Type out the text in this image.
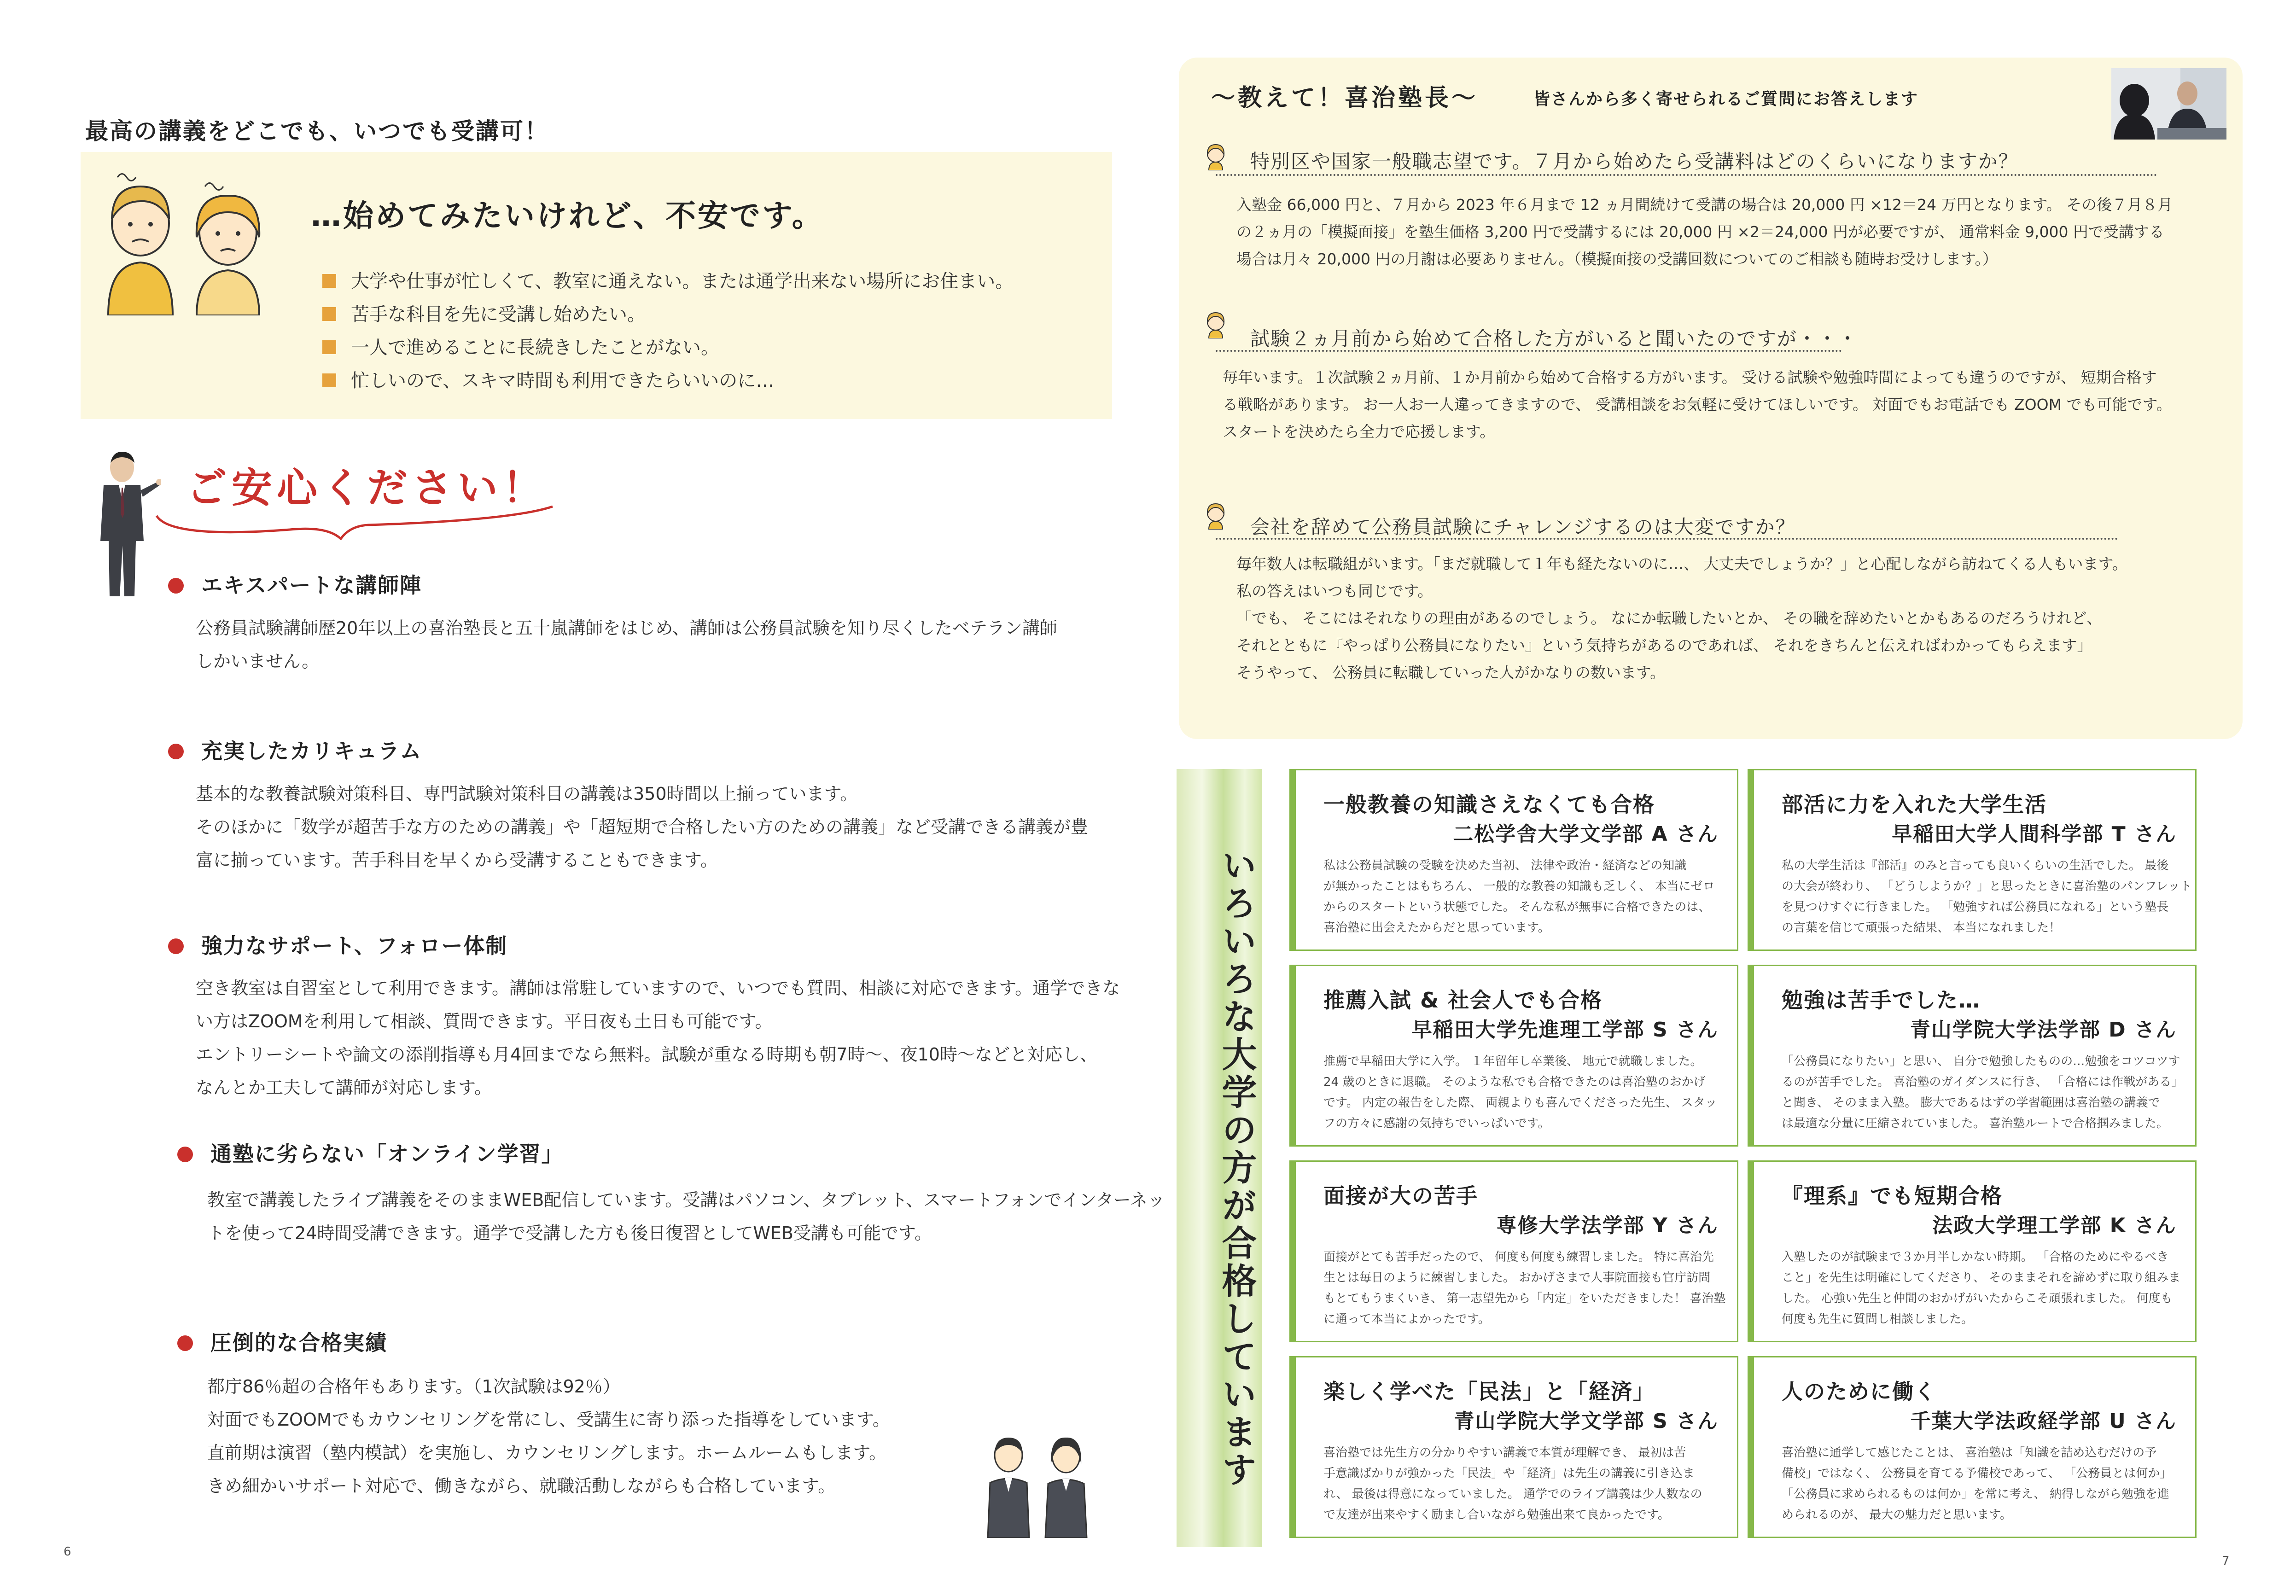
最高の講義をどこでも、いつでも受講可！
…始めてみたいけれど、不安です。
大学や仕事が忙しくて、教室に通えない。または通学出来ない場所にお住まい。
苦手な科目を先に受講し始めたい。
一人で進めることに長続きしたことがない。
忙しいので、スキマ時間も利用できたらいいのに…
ご安心ください！
エキスパートな講師陣
公務員試験講師歴20年以上の喜治塾長と五十嵐講師をはじめ、講師は公務員試験を知り尽くしたベテラン講師
しかいません。
充実したカリキュラム
基本的な教養試験対策科目、専門試験対策科目の講義は350時間以上揃っています。
そのほかに「数学が超苦手な方のための講義」や「超短期で合格したい方のための講義」など受講できる講義が豊
富に揃っています。苦手科目を早くから受講することもできます。
強力なサポート、フォロー体制
空き教室は自習室として利用できます。講師は常駐していますので、いつでも質問、相談に対応できます。通学できな
い方はZOOMを利用して相談、質問できます。平日夜も土日も可能です。
エントリーシートや論文の添削指導も月4回までなら無料。試験が重なる時期も朝7時～、夜10時～などと対応し、
なんとか工夫して講師が対応します。
通塾に劣らない「オンライン学習」
教室で講義したライブ講義をそのままWEB配信しています。受講はパソコン、タブレット、スマートフォンでインターネッ
トを使って24時間受講できます。通学で受講した方も後日復習としてWEB受講も可能です。
圧倒的な合格実績
都庁86％超の合格年もあります。（1次試験は92％）
対面でもZOOMでもカウンセリングを常にし、受講生に寄り添った指導をしています。
直前期は演習（塾内模試）を実施し、カウンセリングします。ホームルームもします。
きめ細かいサポート対応で、働きながら、就職活動しながらも合格しています。
6
～教えて！喜治塾長～	皆さんから多く寄せられるご質問にお答えします
特別区や国家一般職志望です。７月から始めたら受講料はどのくらいになりますか？
入塾金 66,000 円と、７月から 2023 年６月まで 12 ヵ月間続けて受講の場合は 20,000 円 ×12＝24 万円となります。 その後７月８月
の２ヵ月の「模擬面接」を塾生価格 3,200 円で受講するには 20,000 円 ×2＝24,000 円が必要ですが、 通常料金 9,000 円で受講する
場合は月々 20,000 円の月謝は必要ありません。（模擬面接の受講回数についてのご相談も随時お受けします。）
試験２ヵ月前から始めて合格した方がいると聞いたのですが・・・
毎年います。１次試験２ヵ月前、１か月前から始めて合格する方がいます。 受ける試験や勉強時間によっても違うのですが、 短期合格す
る戦略があります。 お一人お一人違ってきますので、 受講相談をお気軽に受けてほしいです。 対面でもお電話でも ZOOM でも可能です。
スタートを決めたら全力で応援します。
会社を辞めて公務員試験にチャレンジするのは大変ですか？
毎年数人は転職組がいます。「まだ就職して１年も経たないのに…、 大丈夫でしょうか？」と心配しながら訪ねてくる人もいます。
私の答えはいつも同じです。
「でも、 そこにはそれなりの理由があるのでしょう。 なにか転職したいとか、 その職を辞めたいとかもあるのだろうけれど、
それとともに『やっぱり公務員になりたい』という気持ちがあるのであれば、 それをきちんと伝えればわかってもらえます」
そうやって、 公務員に転職していった人がかなりの数います。
いろいろな大学の方が合格しています
一般教養の知識さえなくても合格
二松学舎大学文学部 A さん
私は公務員試験の受験を決めた当初、 法律や政治・経済などの知識
が無かったことはもちろん、 一般的な教養の知識も乏しく、 本当にゼロ
からのスタートという状態でした。 そんな私が無事に合格できたのは、
喜治塾に出会えたからだと思っています。
部活に力を入れた大学生活
早稲田大学人間科学部 T さん
私の大学生活は『部活』のみと言っても良いくらいの生活でした。 最後
の大会が終わり、 「どうしようか？」と思ったときに喜治塾のパンフレット
を見つけすぐに行きました。 「勉強すれば公務員になれる」という塾長
の言葉を信じて頑張った結果、 本当になれました！
推薦入試 & 社会人でも合格
早稲田大学先進理工学部 S さん
推薦で早稲田大学に入学。 １年留年し卒業後、 地元で就職しました。
24 歳のときに退職。 そのような私でも合格できたのは喜治塾のおかげ
です。 内定の報告をした際、 両親よりも喜んでくださった先生、 スタッ
フの方々に感謝の気持ちでいっぱいです。
勉強は苦手でした…
青山学院大学法学部 D さん
「公務員になりたい」と思い、 自分で勉強したものの…勉強をコツコツす
るのが苦手でした。 喜治塾のガイダンスに行き、 「合格には作戦がある」
と聞き、 そのまま入塾。 膨大であるはずの学習範囲は喜治塾の講義で
は最適な分量に圧縮されていました。 喜治塾ルートで合格掴みました。
面接が大の苦手
専修大学法学部 Y さん
面接がとても苦手だったので、 何度も何度も練習しました。 特に喜治先
生とは毎日のように練習しました。 おかげさまで人事院面接も官庁訪問
もとてもうまくいき、 第一志望先から「内定」をいただきました！ 喜治塾
に通って本当によかったです。
『理系』でも短期合格
法政大学理工学部 K さん
入塾したのが試験まで３か月半しかない時期。 「合格のためにやるべき
こと」を先生は明確にしてくださり、 そのままそれを諦めずに取り組みま
した。 心強い先生と仲間のおかげがいたからこそ頑張れました。 何度も
何度も先生に質問し相談しました。
楽しく学べた「民法」と「経済」
青山学院大学文学部 S さん
喜治塾では先生方の分かりやすい講義で本質が理解でき、 最初は苦
手意識ばかりが強かった「民法」や「経済」は先生の講義に引き込ま
れ、 最後は得意になっていました。 通学でのライブ講義は少人数なの
で友達が出来やすく励まし合いながら勉強出来て良かったです。
人のために働く
千葉大学法政経学部 U さん
喜治塾に通学して感じたことは、 喜治塾は「知識を詰め込むだけの予
備校」ではなく、 公務員を育てる予備校であって、 「公務員とは何か」
「公務員に求められるものは何か」を常に考え、 納得しながら勉強を進
められるのが、 最大の魅力だと思います。
7
